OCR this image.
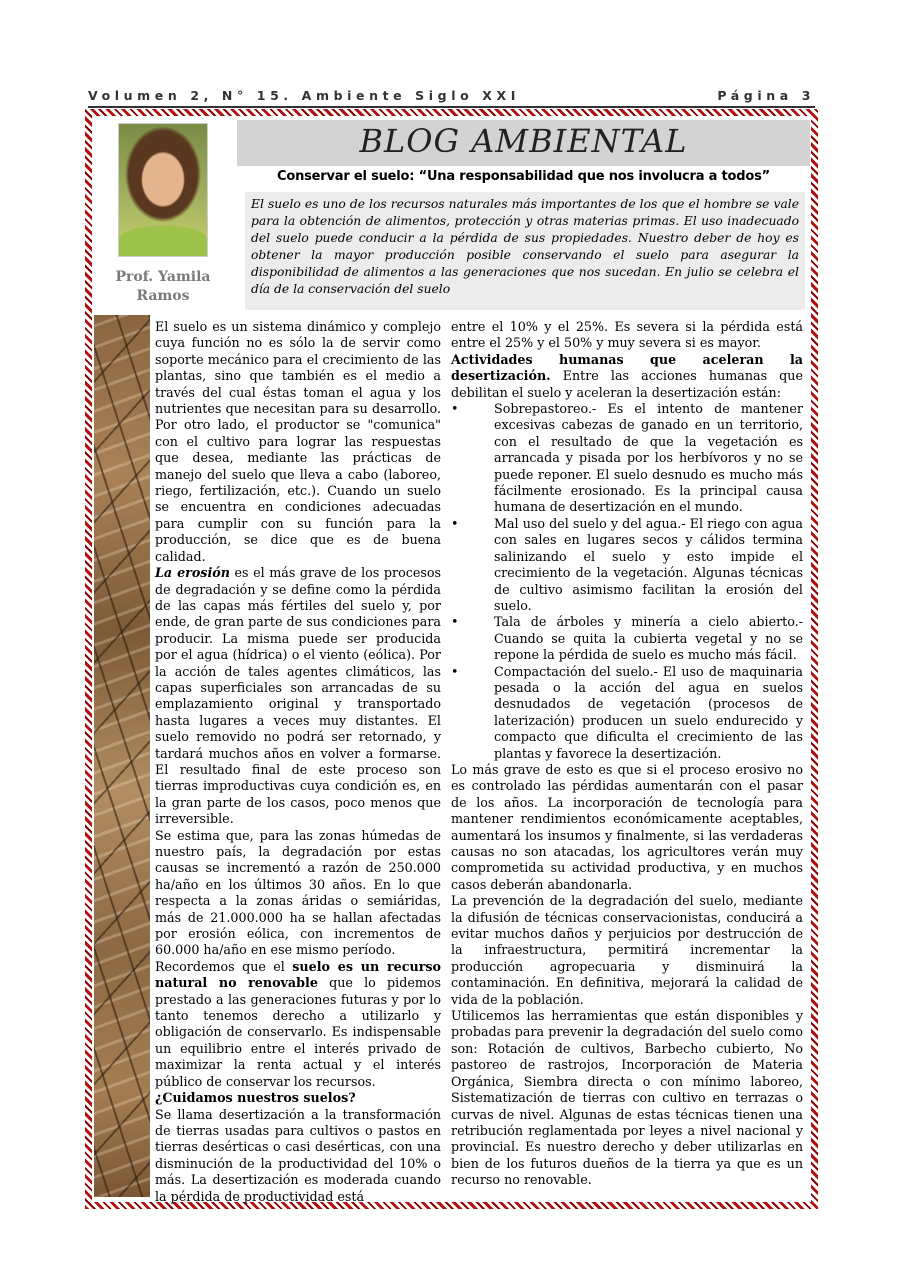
Volumen 2, N° 15. Ambiente Siglo XXI	Página 3
Prof. Yamila
Ramos
BLOG AMBIENTAL
Conservar el suelo: “Una responsabilidad que nos involucra a todos”
El suelo es uno de los recursos naturales más importantes de los que el hombre se vale para la obtención de alimentos, protección y otras materias primas. El uso inadecuado del suelo puede conducir a la pérdida de sus propiedades. Nuestro deber de hoy es obtener la mayor producción posible conservando el suelo para asegurar la disponibilidad de alimentos a las generaciones que nos sucedan. En julio se celebra el día de la conservación del suelo

El suelo es un sistema dinámico y complejo cuya función no es sólo la de servir como soporte mecánico para el crecimiento de las plantas, sino que también es el medio a través del cual éstas toman el agua y los nutrientes que necesitan para su desarrollo. Por otro lado, el productor se "comunica" con el cultivo para lograr las respuestas que desea, mediante las prácticas de manejo del suelo que lleva a cabo (laboreo, riego, fertilización, etc.). Cuando un suelo se encuentra en condiciones adecuadas para cumplir con su función para la producción, se dice que es de buena calidad.

La erosión es el más grave de los procesos de degradación y se define como la pérdida de las capas más fértiles del suelo y, por ende, de gran parte de sus condiciones para producir. La misma puede ser producida por el agua (hídrica) o el viento (eólica). Por la acción de tales agentes climáticos, las capas superficiales son arrancadas de su emplazamiento original y transportado hasta lugares a veces muy distantes. El suelo removido no podrá ser retornado, y tardará muchos años en volver a formarse. El resultado final de este proceso son tierras improductivas cuya condición es, en la gran parte de los casos, poco menos que irreversible.

Se estima que, para las zonas húmedas de nuestro país, la degradación por estas causas se incrementó a razón de 250.000 ha/año en los últimos 30 años. En lo que respecta a la zonas áridas o semiáridas, más de 21.000.000 ha se hallan afectadas por erosión eólica, con incrementos de 60.000 ha/año en ese mismo período.

Recordemos que el suelo es un recurso natural no renovable que lo pidemos prestado a las generaciones futuras y por lo tanto tenemos derecho a utilizarlo y obligación de conservarlo. Es indispensable un equilibrio entre el interés privado de maximizar la renta actual y el interés público de conservar los recursos.

¿Cuidamos nuestros suelos?

Se llama desertización a la transformación de tierras usadas para cultivos o pastos en tierras desérticas o casi desérticas, con una disminución de la productividad del 10% o más. La desertización es moderada cuando la pérdida de productividad está

entre el 10% y el 25%. Es severa si la pérdida está entre el 25% y el 50% y muy severa si es mayor.

Actividades humanas que aceleran la desertización. Entre las acciones humanas que debilitan el suelo y aceleran la desertización están:

•	Sobrepastoreo.- Es el intento de mantener excesivas cabezas de ganado en un territorio, con el resultado de que la vegetación es arrancada y pisada por los herbívoros y no se puede reponer. El suelo desnudo es mucho más fácilmente erosionado. Es la principal causa humana de desertización en el mundo.
•	Mal uso del suelo y del agua.- El riego con agua con sales en lugares secos y cálidos termina salinizando el suelo y esto impide el crecimiento de la vegetación. Algunas técnicas de cultivo asimismo facilitan la erosión del suelo.
•	Tala de árboles y minería a cielo abierto.- Cuando se quita la cubierta vegetal y no se repone la pérdida de suelo es mucho más fácil.
•	Compactación del suelo.- El uso de maquinaria pesada o la acción del agua en suelos desnudados de vegetación (procesos de laterización) producen un suelo endurecido y compacto que dificulta el crecimiento de las plantas y favorece la desertización.

Lo más grave de esto es que si el proceso erosivo no es controlado las pérdidas aumentarán con el pasar de los años. La incorporación de tecnología para mantener rendimientos económicamente aceptables, aumentará los insumos y finalmente, si las verdaderas causas no son atacadas, los agricultores verán muy comprometida su actividad productiva, y en muchos casos deberán abandonarla.

La prevención de la degradación del suelo, mediante la difusión de técnicas conservacionistas, conducirá a evitar muchos daños y perjuicios por destrucción de la infraestructura, permitirá incrementar la producción agropecuaria y disminuirá la contaminación. En definitiva, mejorará la calidad de vida de la población.

Utilicemos las herramientas que están disponibles y probadas para prevenir la degradación del suelo como son: Rotación de cultivos, Barbecho cubierto, No pastoreo de rastrojos, Incorporación de Materia Orgánica, Siembra directa o con mínimo laboreo, Sistematización de tierras con cultivo en terrazas o curvas de nivel. Algunas de estas técnicas tienen una retribución reglamentada por leyes a nivel nacional y provincial. Es nuestro derecho y deber utilizarlas en bien de los futuros dueños de la tierra ya que es un recurso no renovable.
